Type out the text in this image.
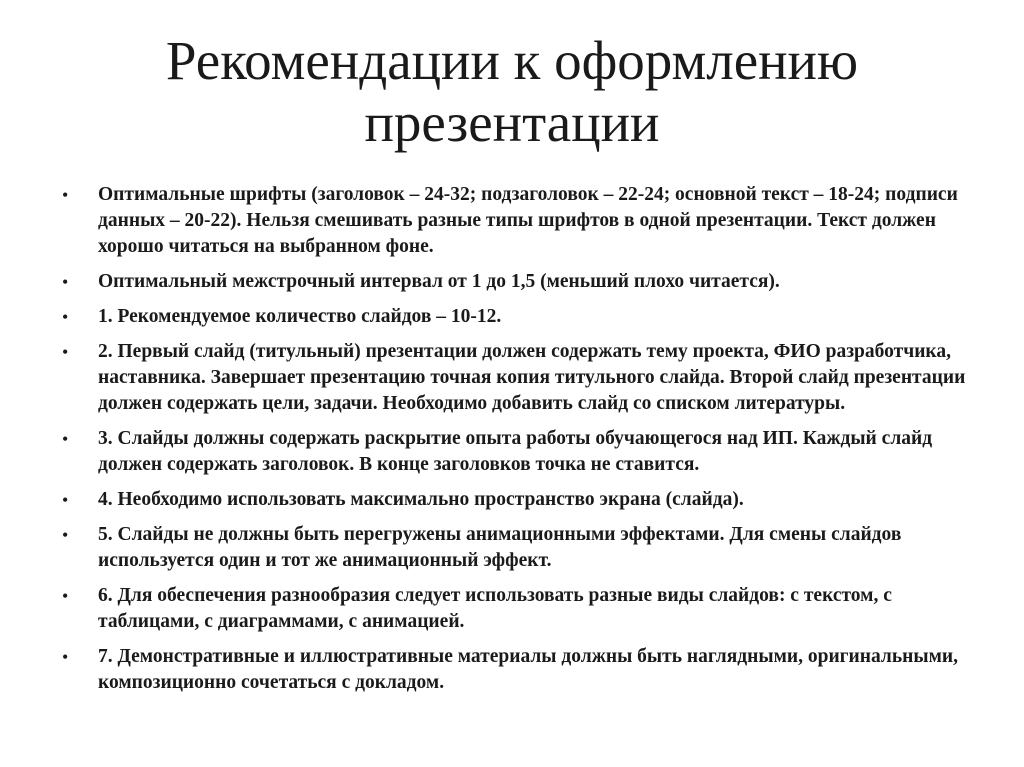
Рекомендации к оформлению презентации
• Оптимальные шрифты (заголовок – 24-32; подзаголовок – 22-24; основной текст – 18-24; подписи данных – 20-22). Нельзя смешивать разные типы шрифтов в одной презентации. Текст должен хорошо читаться на выбранном фоне.
• Оптимальный межстрочный интервал от 1 до 1,5 (меньший плохо читается).
• 1. Рекомендуемое количество слайдов – 10-12.
• 2. Первый слайд (титульный) презентации должен содержать тему проекта, ФИО разработчика, наставника. Завершает презентацию точная копия титульного слайда. Второй слайд презентации должен содержать цели, задачи. Необходимо добавить слайд со списком литературы.
• 3. Слайды должны содержать раскрытие опыта работы обучающегося над ИП. Каждый слайд должен содержать заголовок. В конце заголовков точка не ставится.
• 4. Необходимо использовать максимально пространство экрана (слайда).
• 5. Слайды не должны быть перегружены анимационными эффектами. Для смены слайдов используется один и тот же анимационный эффект.
• 6. Для обеспечения разнообразия следует использовать разные виды слайдов: с текстом, с таблицами, с диаграммами, с анимацией.
• 7. Демонстративные и иллюстративные материалы должны быть наглядными, оригинальными, композиционно сочетаться с докладом.
